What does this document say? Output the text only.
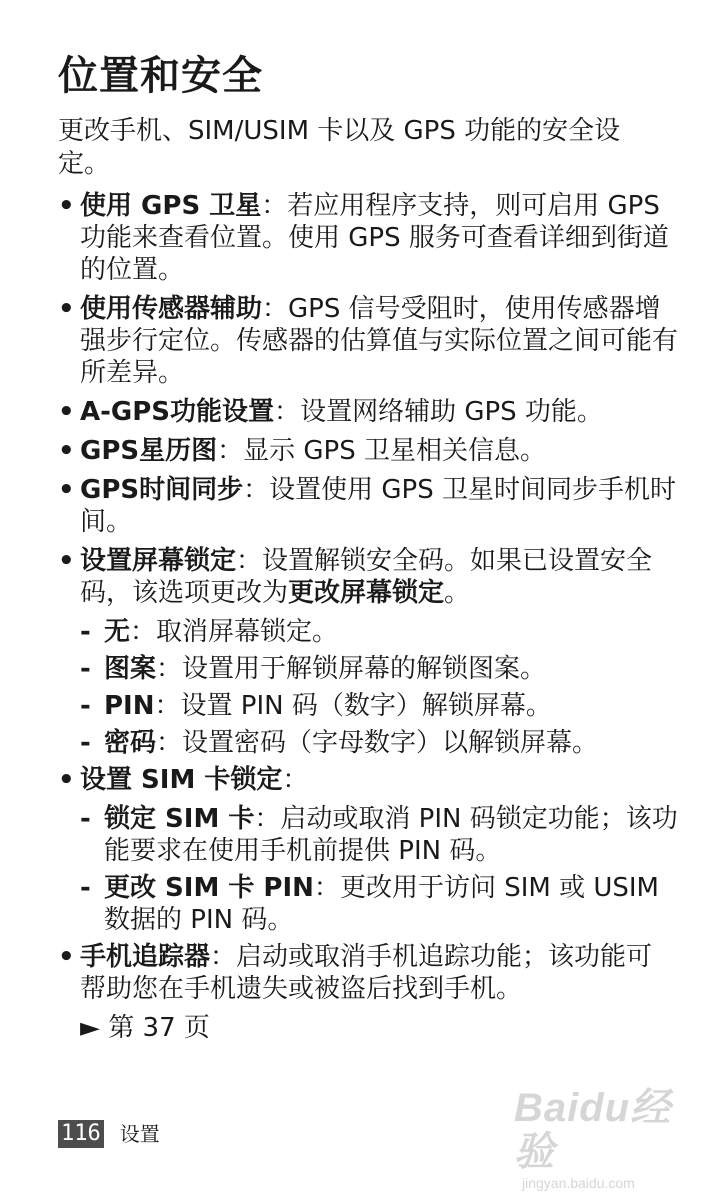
位置和安全

更改手机、SIM/USIM 卡以及 GPS 功能的安全设定。

• 使用 GPS 卫星：若应用程序支持，则可启用 GPS 功能来查看位置。使用 GPS 服务可查看详细到街道的位置。
• 使用传感器辅助：GPS 信号受阻时，使用传感器增强步行定位。传感器的估算值与实际位置之间可能有所差异。
• A-GPS功能设置：设置网络辅助 GPS 功能。
• GPS星历图：显示 GPS 卫星相关信息。
• GPS时间同步：设置使用 GPS 卫星时间同步手机时间。
• 设置屏幕锁定：设置解锁安全码。如果已设置安全码，该选项更改为更改屏幕锁定。
- 无：取消屏幕锁定。
- 图案：设置用于解锁屏幕的解锁图案。
- PIN：设置 PIN 码（数字）解锁屏幕。
- 密码：设置密码（字母数字）以解锁屏幕。
• 设置 SIM 卡锁定：
- 锁定 SIM 卡：启动或取消 PIN 码锁定功能；该功能要求在使用手机前提供 PIN 码。
- 更改 SIM 卡 PIN：更改用于访问 SIM 或 USIM 数据的 PIN 码。
• 手机追踪器：启动或取消手机追踪功能；该功能可帮助您在手机遗失或被盗后找到手机。
► 第 37 页
116 设置
Baidu经验
jingyan.baidu.com
